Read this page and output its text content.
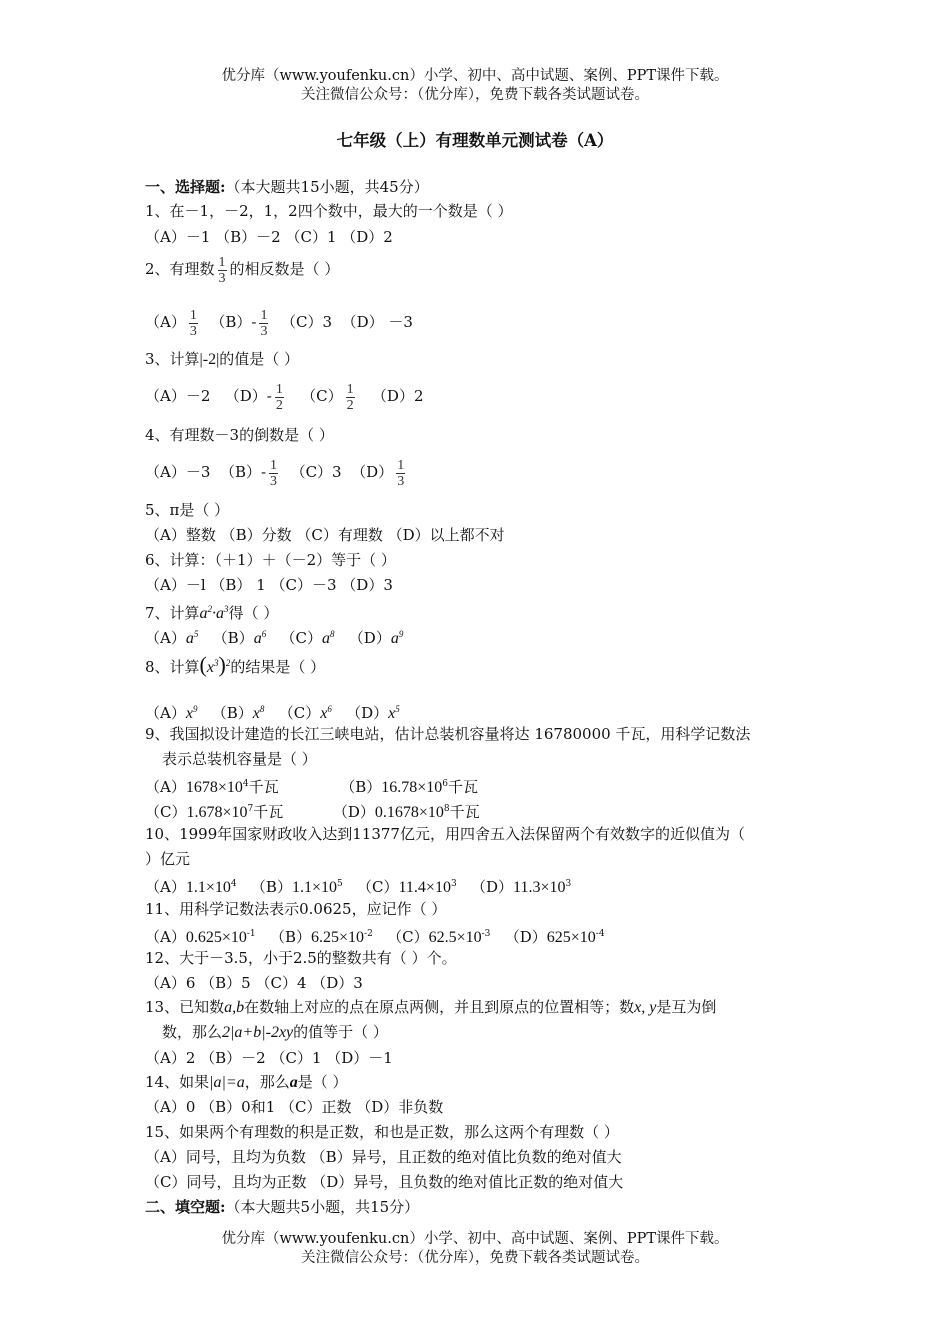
优分库（www.youfenku.cn）小学、初中、高中试题、案例、PPT课件下载。
关注微信公众号：（优分库），免费下载各类试题试卷。
七年级（上）有理数单元测试卷（A）
一、选择题:（本大题共15小题，共45分）
1、在－1，－2，1，2四个数中，最大的一个数是（ ）
（A）－1 （B）－2 （C）1 （D）2
2、有理数 $\frac{1}{3}$ 的相反数是（ ）
$(A) \frac{1}{3} (B)- \frac{1}{3} (C)3$ （D） －3
3、计算|-2|的值是（ ）
（A）－2 $(D)- \frac{1}{2} (C) \frac{1}{2} (D)2$
4、有理数－3的倒数是（ ）
（A）－3 $(B)- \frac{1}{3} (C)3$ $(D) \frac{1}{3}$
5、π是（ ）
（A）整数 （B）分数 （C）有理数 （D）以上都不对
6、计算：（＋1）＋（－2）等于（ ）
（A）－l （B） 1 （C）－3 （D）3
7、计算$a^2\cdot a^3$得（ ）
$(A)a^5$ $(B)a^6$ $(C)a^8$ $(D)a^9$
8、计算$(x^3)^2$的结果是（ ）
$(A)x^9$ $(B)x^8$ $(C)x^6$ $(D)x^5$
9、我国拟设计建造的长江三峡电站，估计总装机容量将达 16780000 千瓦，用科学记数法
表示总装机容量是（ ）
$(A)1678\times 10^4$千瓦	$(B)16.78\times 10^6$千瓦
$(C)1.678\times 10^7$千瓦	$(D)0.1678\times 10^8$千瓦
10、1999年国家财政收入达到11377亿元，用四舍五入法保留两个有效数字的近似值为（
）亿元
$(A)1.1\times 10^4$ $(B)1.1\times 10^5$ $(C)11.4\times 10^3$ $(D)11.3\times 10^3$
11、用科学记数法表示0.0625，应记作（ ）
$(A)0.625\times 10^{-1}$ $(B)6.25\times 10^{-2}$ $(C)62.5\times 10^{-3}$ $(D)625\times 10^{-4}$
12、大于－3.5，小于2.5的整数共有（ ）个。
（A）6 （B）5 （C）4 （D）3
13、已知数a,b在数轴上对应的点在原点两侧，并且到原点的位置相等；数x, y是互为倒
数，那么2|a+b|-2xy的值等于（ ）
（A）2 （B）－2 （C）1 （D）－1
14、如果|a|=a，那么a是（ ）
（A）0 （B）0和1 （C）正数 （D）非负数
15、如果两个有理数的积是正数，和也是正数，那么这两个有理数（ ）
（A）同号，且均为负数 （B）异号，且正数的绝对值比负数的绝对值大
（C）同号，且均为正数 （D）异号，且负数的绝对值比正数的绝对值大
二、填空题:（本大题共5小题，共15分）
优分库（www.youfenku.cn）小学、初中、高中试题、案例、PPT课件下载。
关注微信公众号：（优分库），免费下载各类试题试卷。
